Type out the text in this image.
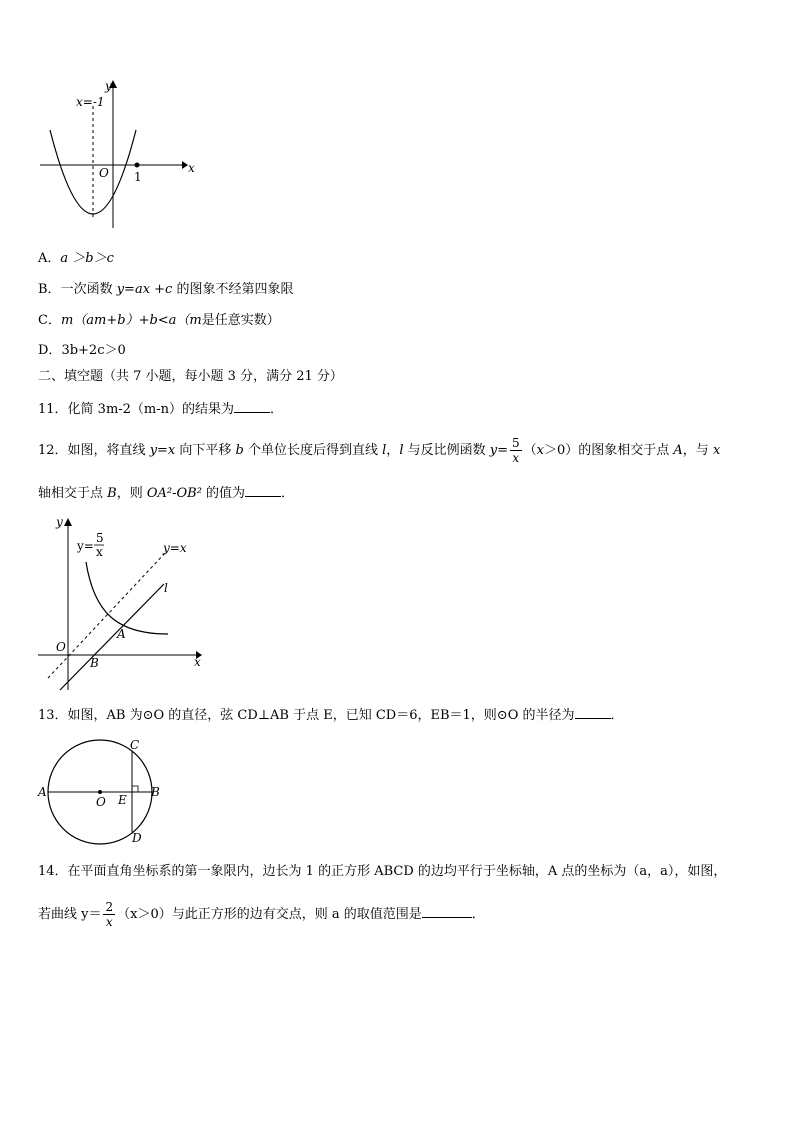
x=-1
y
x
O 1
A．a ＞b＞c
B．一次函数 y=ax +c 的图象不经第四象限
C．m（am+b）+b<a（m是任意实数）
D．3b+2c＞0
二、填空题（共 7 小题，每小题 3 分，满分 21 分）
11．化简 3m-2（m-n）的结果为	．
12．如图，将直线 y=x 向下平移 b 个单位长度后得到直线 l，l 与反比例函数 $y= \frac{5}{x} (x>0)$的图象相交于点 A，与 x
轴相交于点 B，则 OA²-OB² 的值为	．
y
x
y=
5
x	y=x
l
A
B
O
13．如图，AB 为⊙O 的直径，弦 CD⊥AB 于点 E，已知 CD＝6，EB＝1，则⊙O 的半径为	．
A	B
C
D
E
O
14．在平面直角坐标系的第一象限内，边长为 1 的正方形 ABCD 的边均平行于坐标轴，A 点的坐标为（a，a），如图，
若曲线 $y= \frac{2}{x} (x>0)$与此正方形的边有交点，则 a 的取值范围是	．
